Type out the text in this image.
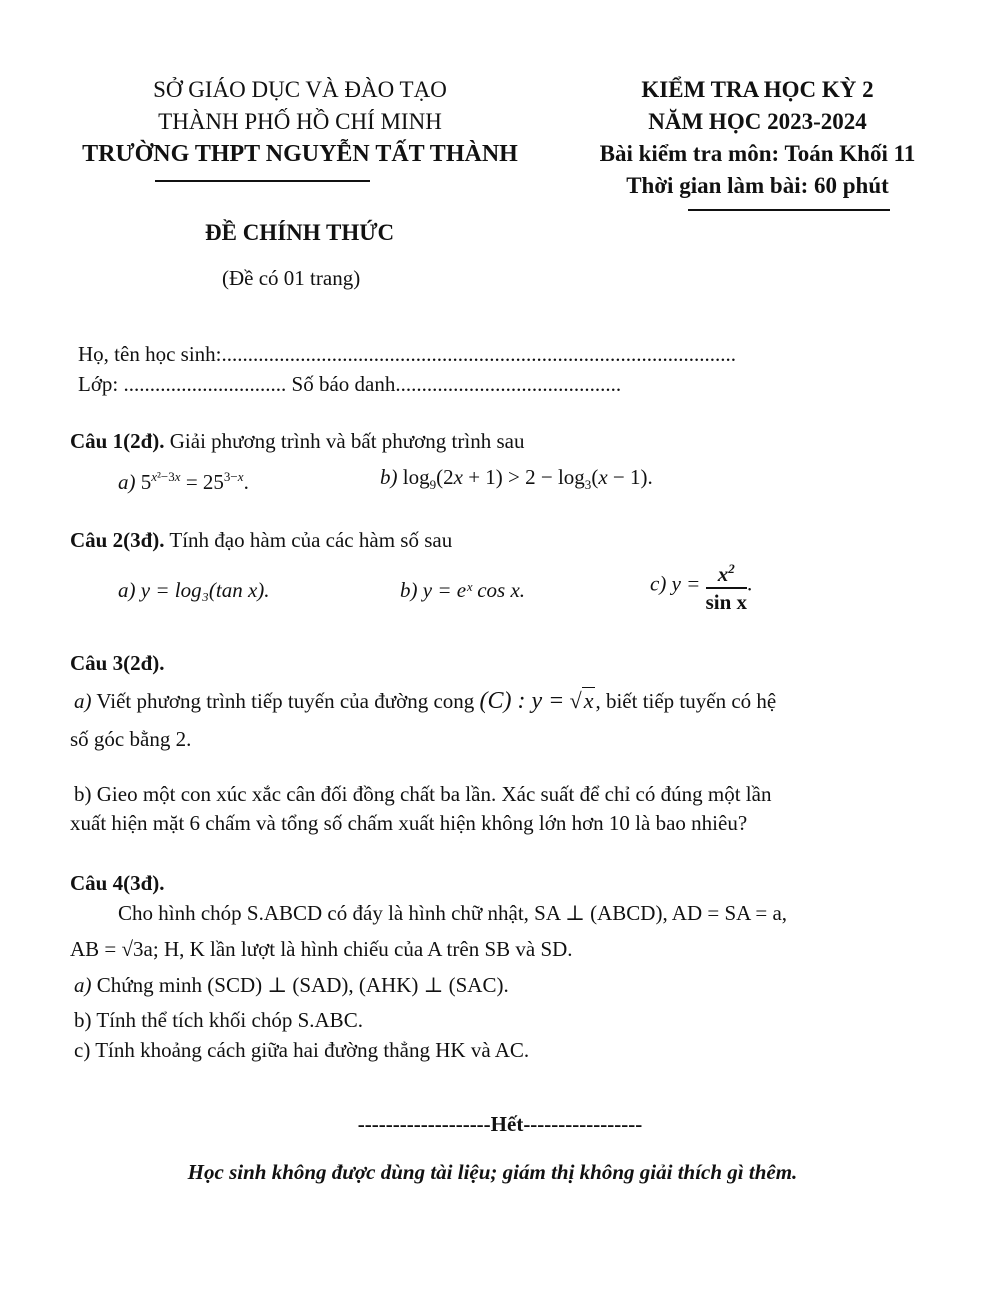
SỞ GIÁO DỤC VÀ ĐÀO TẠO
THÀNH PHỐ HỒ CHÍ MINH
TRƯỜNG THPT NGUYỄN TẤT THÀNH
KIỂM TRA HỌC KỲ 2
NĂM HỌC 2023-2024
Bài kiểm tra môn: Toán Khối 11
Thời gian làm bài: 60 phút
ĐỀ CHÍNH THỨC
(Đề có 01 trang)
Họ, tên học sinh:..................................................................................................
Lớp: ............................... Số báo danh...........................................
Câu 1(2đ). Giải phương trình và bất phương trình sau
a) $5^{x^2-3x} = 25^{3-x}$.	b) $\log_9(2x + 1) > 2 - \log_3(x - 1)$.
Câu 2(3đ). Tính đạo hàm của các hàm số sau
a) y = log₃(tan x).	b) y = eˣ cos x.	c) $y = \frac{x^2}{\text{sin x}}$ .
Câu 3(2đ).
a) Viết phương trình tiếp tuyến của đường cong (C) : y = √x, biết tiếp tuyến có hệ
số góc bằng 2.
b) Gieo một con xúc xắc cân đối đồng chất ba lần. Xác suất để chỉ có đúng một lần
xuất hiện mặt 6 chấm và tổng số chấm xuất hiện không lớn hơn 10 là bao nhiêu?
Câu 4(3đ).
Cho hình chóp S.ABCD có đáy là hình chữ nhật, SA ⊥ (ABCD), AD = SA = a,
AB = √3a; H, K lần lượt là hình chiếu của A trên SB và SD.
a) Chứng minh (SCD) ⊥ (SAD), (AHK) ⊥ (SAC).
b) Tính thể tích khối chóp S.ABC.
c) Tính khoảng cách giữa hai đường thẳng HK và AC.
-------------------Hết-----------------
Học sinh không được dùng tài liệu; giám thị không giải thích gì thêm.
